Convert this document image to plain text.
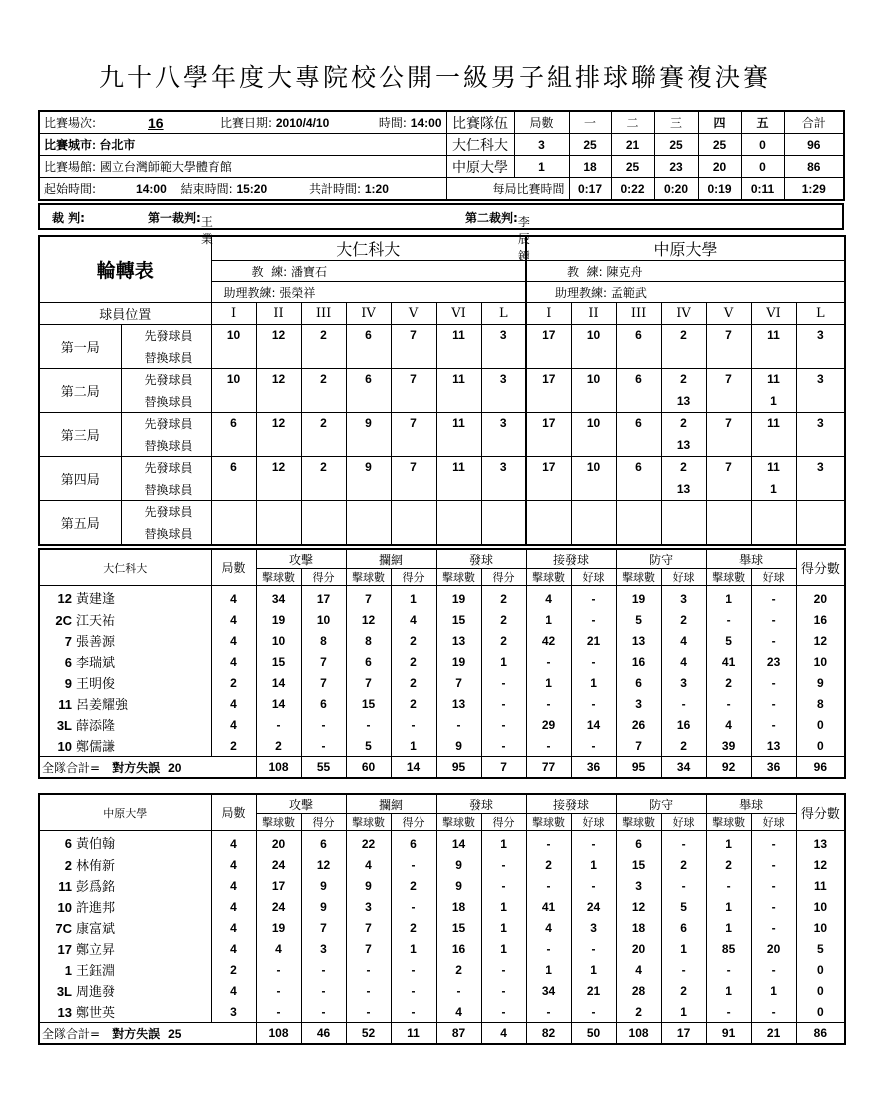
九十八學年度大專院校公開一級男子組排球聯賽複決賽
比賽場次:	16	比賽日期: 2010/4/10	時間: 14:00	比賽隊伍	局數	一	二	三	四	五	合計
比賽城市: 台北市				大仁科大	3	25	21	25	25	0	96
比賽場館: 國立台灣師範大學體育館				中原大學	1	18	25	23	20	0	86
起始時間: 14:00 結束時間: 15:20 共計時間: 1:20				每局比賽時間		0:17	0:22	0:20	0:19	0:11	1:29
裁 判:	第一裁判: 王業
第二裁判: 李辰鐘
輪轉表		大仁科大							中原大學						
		教  練: 潘寶石							教  練: 陳克舟						
		助理教練: 張榮祥							助理教練: 孟範武						
球員位置		I	II	III	IV	V	VI	L	I	II	III	IV	V	VI	L
第一局	先發球員	10	12	2	6	7	11	3	17	10	6	2	7	11	3
	替換球員														
第二局	先發球員	10	12	2	6	7	11	3	17	10	6	2	7	11	3
	替換球員											13		1	
第三局	先發球員	6	12	2	9	7	11	3	17	10	6	2	7	11	3
	替換球員											13			
第四局	先發球員	6	12	2	9	7	11	3	17	10	6	2	7	11	3
	替換球員											13		1	
第五局	先發球員														
	替換球員														
大仁科大	局數	攻擊		攔網		發球		接發球		防守		舉球		得分數
		擊球數	得分	擊球數	得分	擊球數	得分	擊球數	好球	擊球數	好球	擊球數	好球	
12 黃建逢	4	34	17	7	1	19	2	4	-	19	3	1	-	20
2C 江天祐	4	19	10	12	4	15	2	1	-	5	2	-	-	16
7 張善源	4	10	8	8	2	13	2	42	21	13	4	5	-	12
6 李瑞斌	4	15	7	6	2	19	1	-	-	16	4	41	23	10
9 王明俊	2	14	7	7	2	7	-	1	1	6	3	2	-	9
11 呂姜耀強	4	14	6	15	2	13	-	-	-	3	-	-	-	8
3L 薛添隆	4	-	-	-	-	-	-	29	14	26	16	4	-	0
10 鄭儒謙	2	2	-	5	1	9	-	-	-	7	2	39	13	0
全隊合計= 對方失誤 20		108	55	60	14	95	7	77	36	95	34	92	36	96
中原大學	局數	攻擊		攔網		發球		接發球		防守		舉球		得分數
		擊球數	得分	擊球數	得分	擊球數	得分	擊球數	好球	擊球數	好球	擊球數	好球	
6 黃伯翰	4	20	6	22	6	14	1	-	-	6	-	1	-	13
2 林侑新	4	24	12	4	-	9	-	2	1	15	2	2	-	12
11 彭爲銘	4	17	9	9	2	9	-	-	-	3	-	-	-	11
10 許進邦	4	24	9	3	-	18	1	41	24	12	5	1	-	10
7C 康富斌	4	19	7	7	2	15	1	4	3	18	6	1	-	10
17 鄭立昇	4	4	3	7	1	16	1	-	-	20	1	85	20	5
1 王鈺淵	2	-	-	-	-	2	-	1	1	4	-	-	-	0
3L 周進發	4	-	-	-	-	-	-	34	21	28	2	1	1	0
13 鄭世英	3	-	-	-	-	4	-	-	-	2	1	-	-	0
全隊合計= 對方失誤 25		108	46	52	11	87	4	82	50	108	17	91	21	86
